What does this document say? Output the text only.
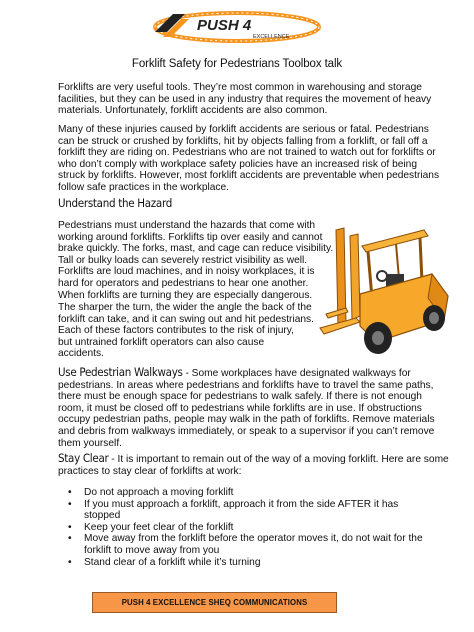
PUSH 4
EXCELLENCE
Forklift Safety for Pedestrians Toolbox talk
Forklifts are very useful tools. They’re most common in warehousing and storage
facilities, but they can be used in any industry that requires the movement of heavy
materials. Unfortunately, forklift accidents are also common.
Many of these injuries caused by forklift accidents are serious or fatal. Pedestrians
can be struck or crushed by forklifts, hit by objects falling from a forklift, or fall off a
forklift they are riding on. Pedestrians who are not trained to watch out for forklifts or
who don’t comply with workplace safety policies have an increased risk of being
struck by forklifts. However, most forklift accidents are preventable when pedestrians
follow safe practices in the workplace.
Understand the Hazard
Pedestrians must understand the hazards that come with
working around forklifts. Forklifts tip over easily and cannot
brake quickly. The forks, mast, and cage can reduce visibility.
Tall or bulky loads can severely restrict visibility as well.
Forklifts are loud machines, and in noisy workplaces, it is
hard for operators and pedestrians to hear one another.
When forklifts are turning they are especially dangerous.
The sharper the turn, the wider the angle the back of the
forklift can take, and it can swing out and hit pedestrians.
Each of these factors contributes to the risk of injury,
but untrained forklift operators can also cause
accidents.
Use Pedestrian Walkways - Some workplaces have designated walkways for
pedestrians. In areas where pedestrians and forklifts have to travel the same paths,
there must be enough space for pedestrians to walk safely. If there is not enough
room, it must be closed off to pedestrians while forklifts are in use. If obstructions
occupy pedestrian paths, people may walk in the path of forklifts. Remove materials
and debris from walkways immediately, or speak to a supervisor if you can’t remove
them yourself.
Stay Clear - It is important to remain out of the way of a moving forklift. Here are some
practices to stay clear of forklifts at work:
• Do not approach a moving forklift
• If you must approach a forklift, approach it from the side AFTER it has
stopped
• Keep your feet clear of the forklift
• Move away from the forklift before the operator moves it, do not wait for the
forklift to move away from you
• Stand clear of a forklift while it’s turning
PUSH 4 EXCELLENCE SHEQ COMMUNICATIONS
